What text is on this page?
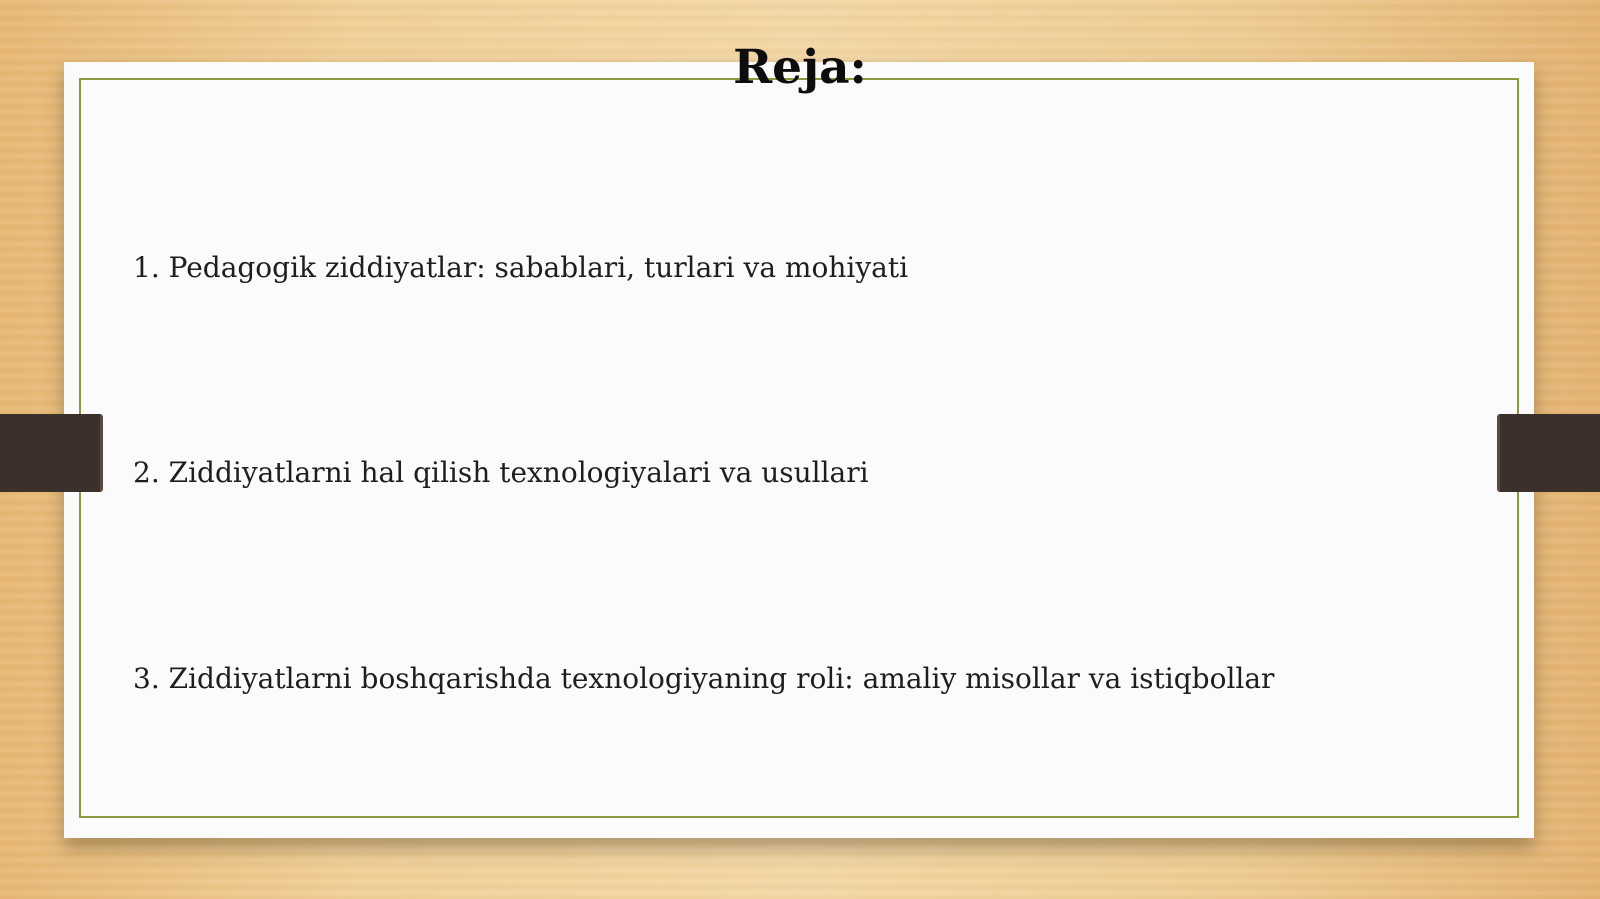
Reja:
1. Pedagogik ziddiyatlar: sabablari, turlari va mohiyati
2. Ziddiyatlarni hal qilish texnologiyalari va usullari
3. Ziddiyatlarni boshqarishda texnologiyaning roli: amaliy misollar va istiqbollar
